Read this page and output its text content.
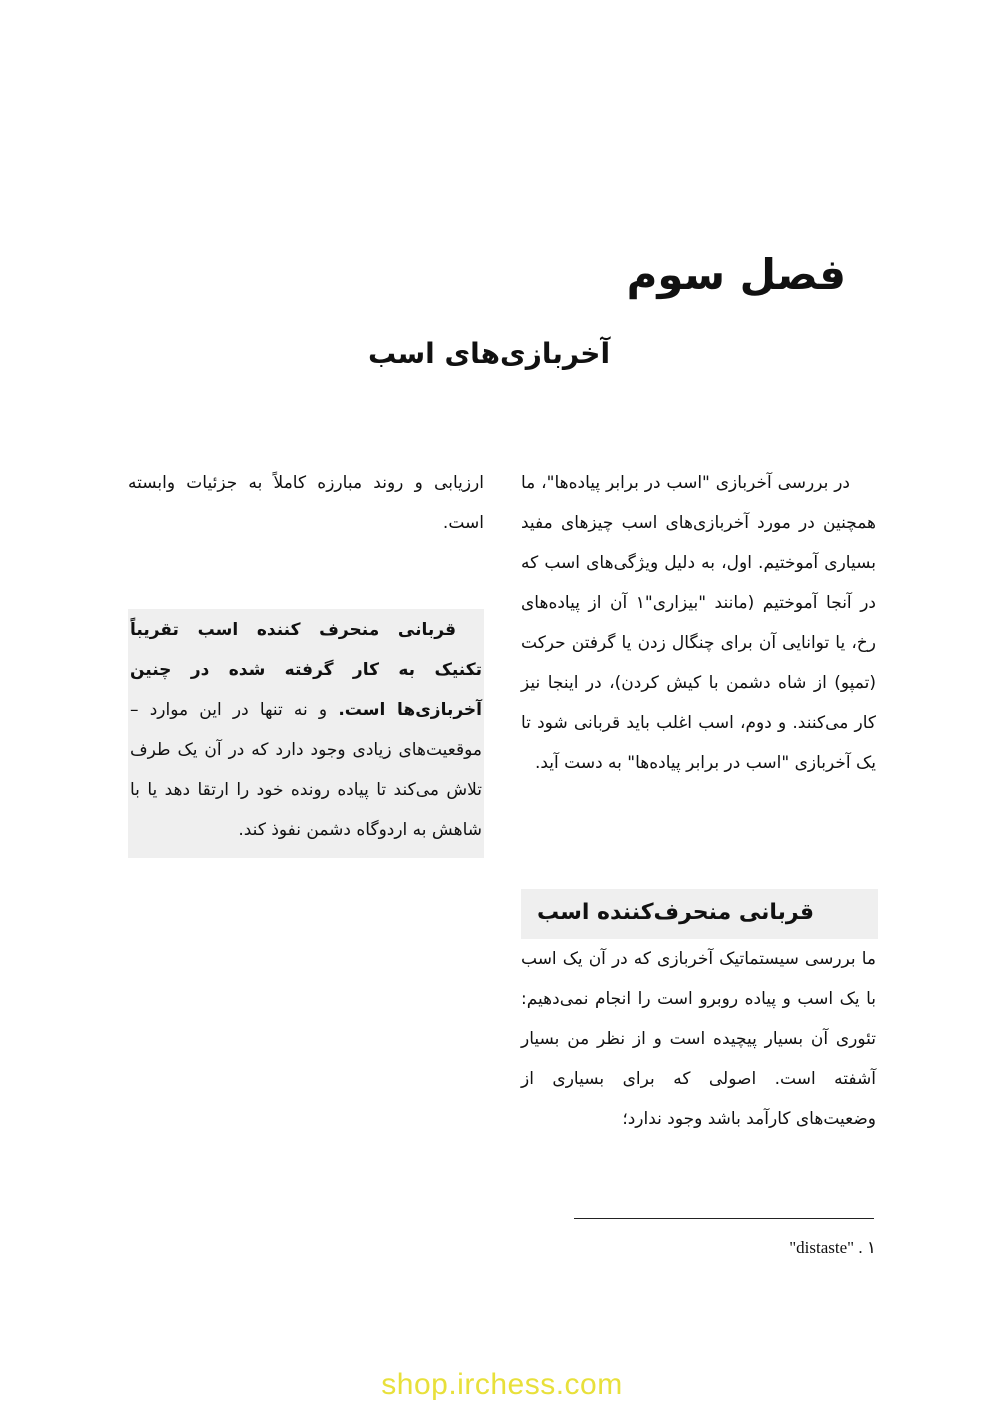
فصل سوم
آخربازی‌های اسب

در بررسی آخربازی "اسب در برابر پیاده‌ها"، ما همچنین در مورد آخربازی‌های اسب چیزهای مفید بسیاری آموختیم. اول، به دلیل ویژگی‌های اسب که در آنجا آموختیم (مانند "بیزاری"۱ آن از پیاده‌های رخ، یا توانایی آن برای چنگال زدن یا گرفتن حرکت (تمپو) از شاه دشمن با کیش کردن)، در اینجا نیز کار می‌کنند. و دوم، اسب اغلب باید قربانی شود تا یک آخربازی "اسب در برابر پیاده‌ها" به دست آید.

ارزیابی و روند مبارزه کاملاً به جزئیات وابسته است.

قربانی منحرف کننده اسب تقریباً تکنیک به کار گرفته شده در چنین آخربازی‌ها است. و نه تنها در این موارد – موقعیت‌های زیادی وجود دارد که در آن یک طرف تلاش می‌کند تا پیاده رونده خود را ارتقا دهد یا با شاهش به اردوگاه دشمن نفوذ کند.

قربانی منحرف‌کننده اسب

ما بررسی سیستماتیک آخربازی که در آن یک اسب با یک اسب و پیاده روبرو است را انجام نمی‌دهیم: تئوری آن بسیار پیچیده است و از نظر من بسیار آشفته است. اصولی که برای بسیاری از وضعیت‌های کارآمد باشد وجود ندارد؛

"distaste" . ۱
shop.irchess.com
